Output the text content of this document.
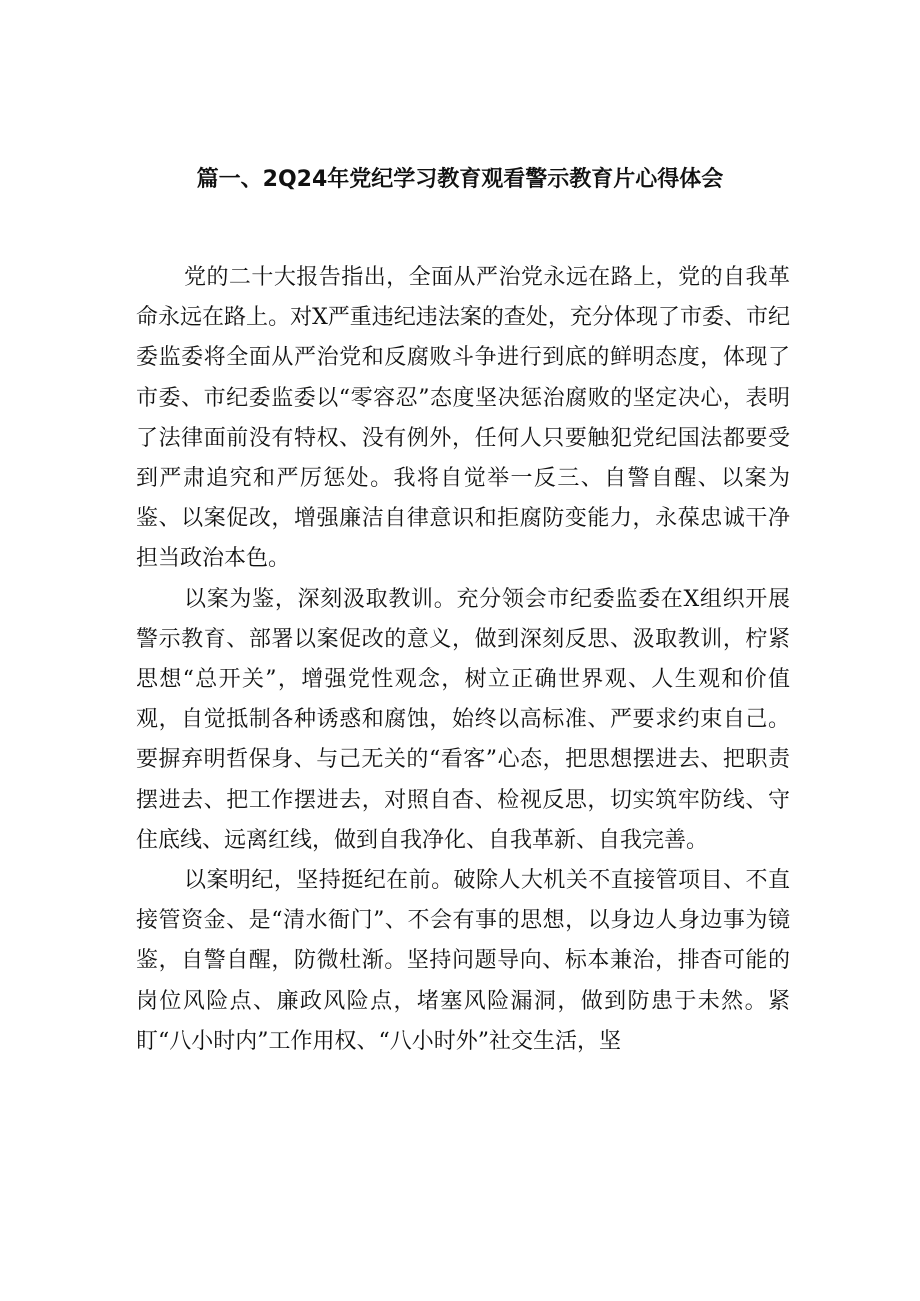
篇一、2Q24年党纪学习教育观看警示教育片心得体会

党的二十大报告指出，全面从严治党永远在路上，党的自我革命永远在路上。对X严重违纪违法案的查处，充分体现了市委、市纪委监委将全面从严治党和反腐败斗争进行到底的鲜明态度，体现了市委、市纪委监委以“零容忍”态度坚决惩治腐败的坚定决心，表明了法律面前没有特权、没有例外，任何人只要触犯党纪国法都要受到严肃追究和严厉惩处。我将自觉举一反三、自警自醒、以案为鉴、以案促改，增强廉洁自律意识和拒腐防变能力，永葆忠诚干净担当政治本色。

以案为鉴，深刻汲取教训。充分领会市纪委监委在X组织开展警示教育、部署以案促改的意义，做到深刻反思、汲取教训，柠紧思想“总开关”，增强党性观念，树立正确世界观、人生观和价值观，自觉抵制各种诱惑和腐蚀，始终以高标准、严要求约束自己。要摒弃明哲保身、与己无关的“看客”心态，把思想摆进去、把职责摆进去、把工作摆进去，对照自杳、检视反思，切实筑牢防线、守住底线、远离红线，做到自我净化、自我革新、自我完善。

以案明纪，坚持挺纪在前。破除人大机关不直接管项目、不直接管资金、是“清水衙门”、不会有事的思想，以身边人身边事为镜鉴，自警自醒，防微杜渐。坚持问题导向、标本兼治，排杳可能的岗位风险点、廉政风险点，堵塞风险漏洞，做到防患于未然。紧盯“八小时内”工作用权、“八小时外”社交生活，坚
